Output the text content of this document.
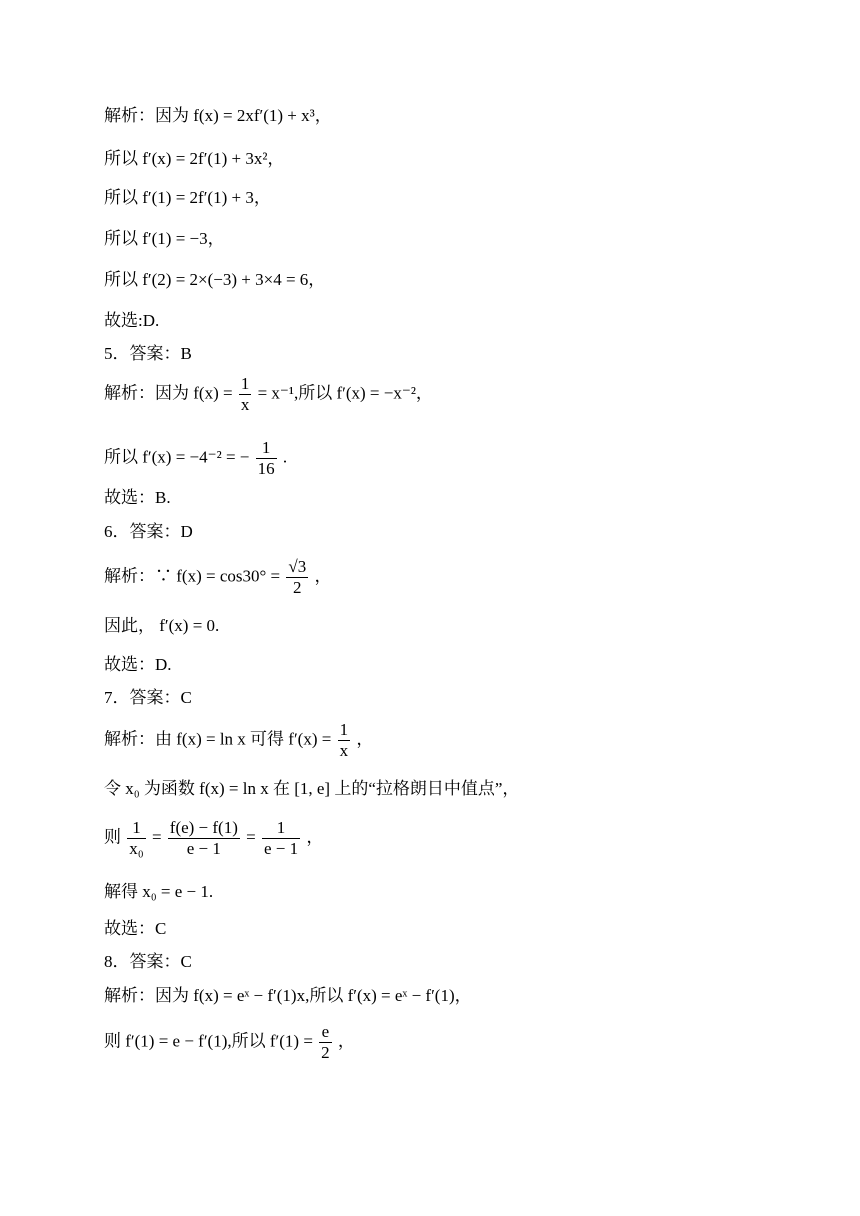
解析：因为 f(x) = 2xf′(1) + x³，
所以 f′(x) = 2f′(1) + 3x²，
所以 f′(1) = 2f′(1) + 3，
所以 f′(1) = −3，
所以 f′(2) = 2×(−3) + 3×4 = 6，
故选:D.
5．答案：B
解析：因为 $f(x) = \frac{1}{x} = x^{-1}$,所以 f′(x) = −x⁻²，
所以 f′(x) = −4⁻² = − $\frac{1}{16}$ .
故选：B.
6．答案：D
解析：∵ $f(x) = \cos 30^\circ = \frac{√3}{2}$ ，
因此， f′(x) = 0.
故选：D.
7．答案：C
解析：由 f(x) = ln x 可得 $f'(x) = \frac{1}{x}$ ，
令 x₀ 为函数 f(x) = ln x 在 [1, e] 上的“拉格朗日中值点”，
则 $\frac{1}{\text{x₀}} = \frac{f(e) - f(1)}{e - 1} = \frac{1}{e - 1}$ ，
解得 x₀ = e − 1.
故选：C
8．答案：C
解析：因为 f(x) = eˣ − f′(1)x,所以 f′(x) = eˣ − f′(1)，
则 f′(1) = e − f′(1),所以 $f'(1) = \frac{e}{2}$ ，
